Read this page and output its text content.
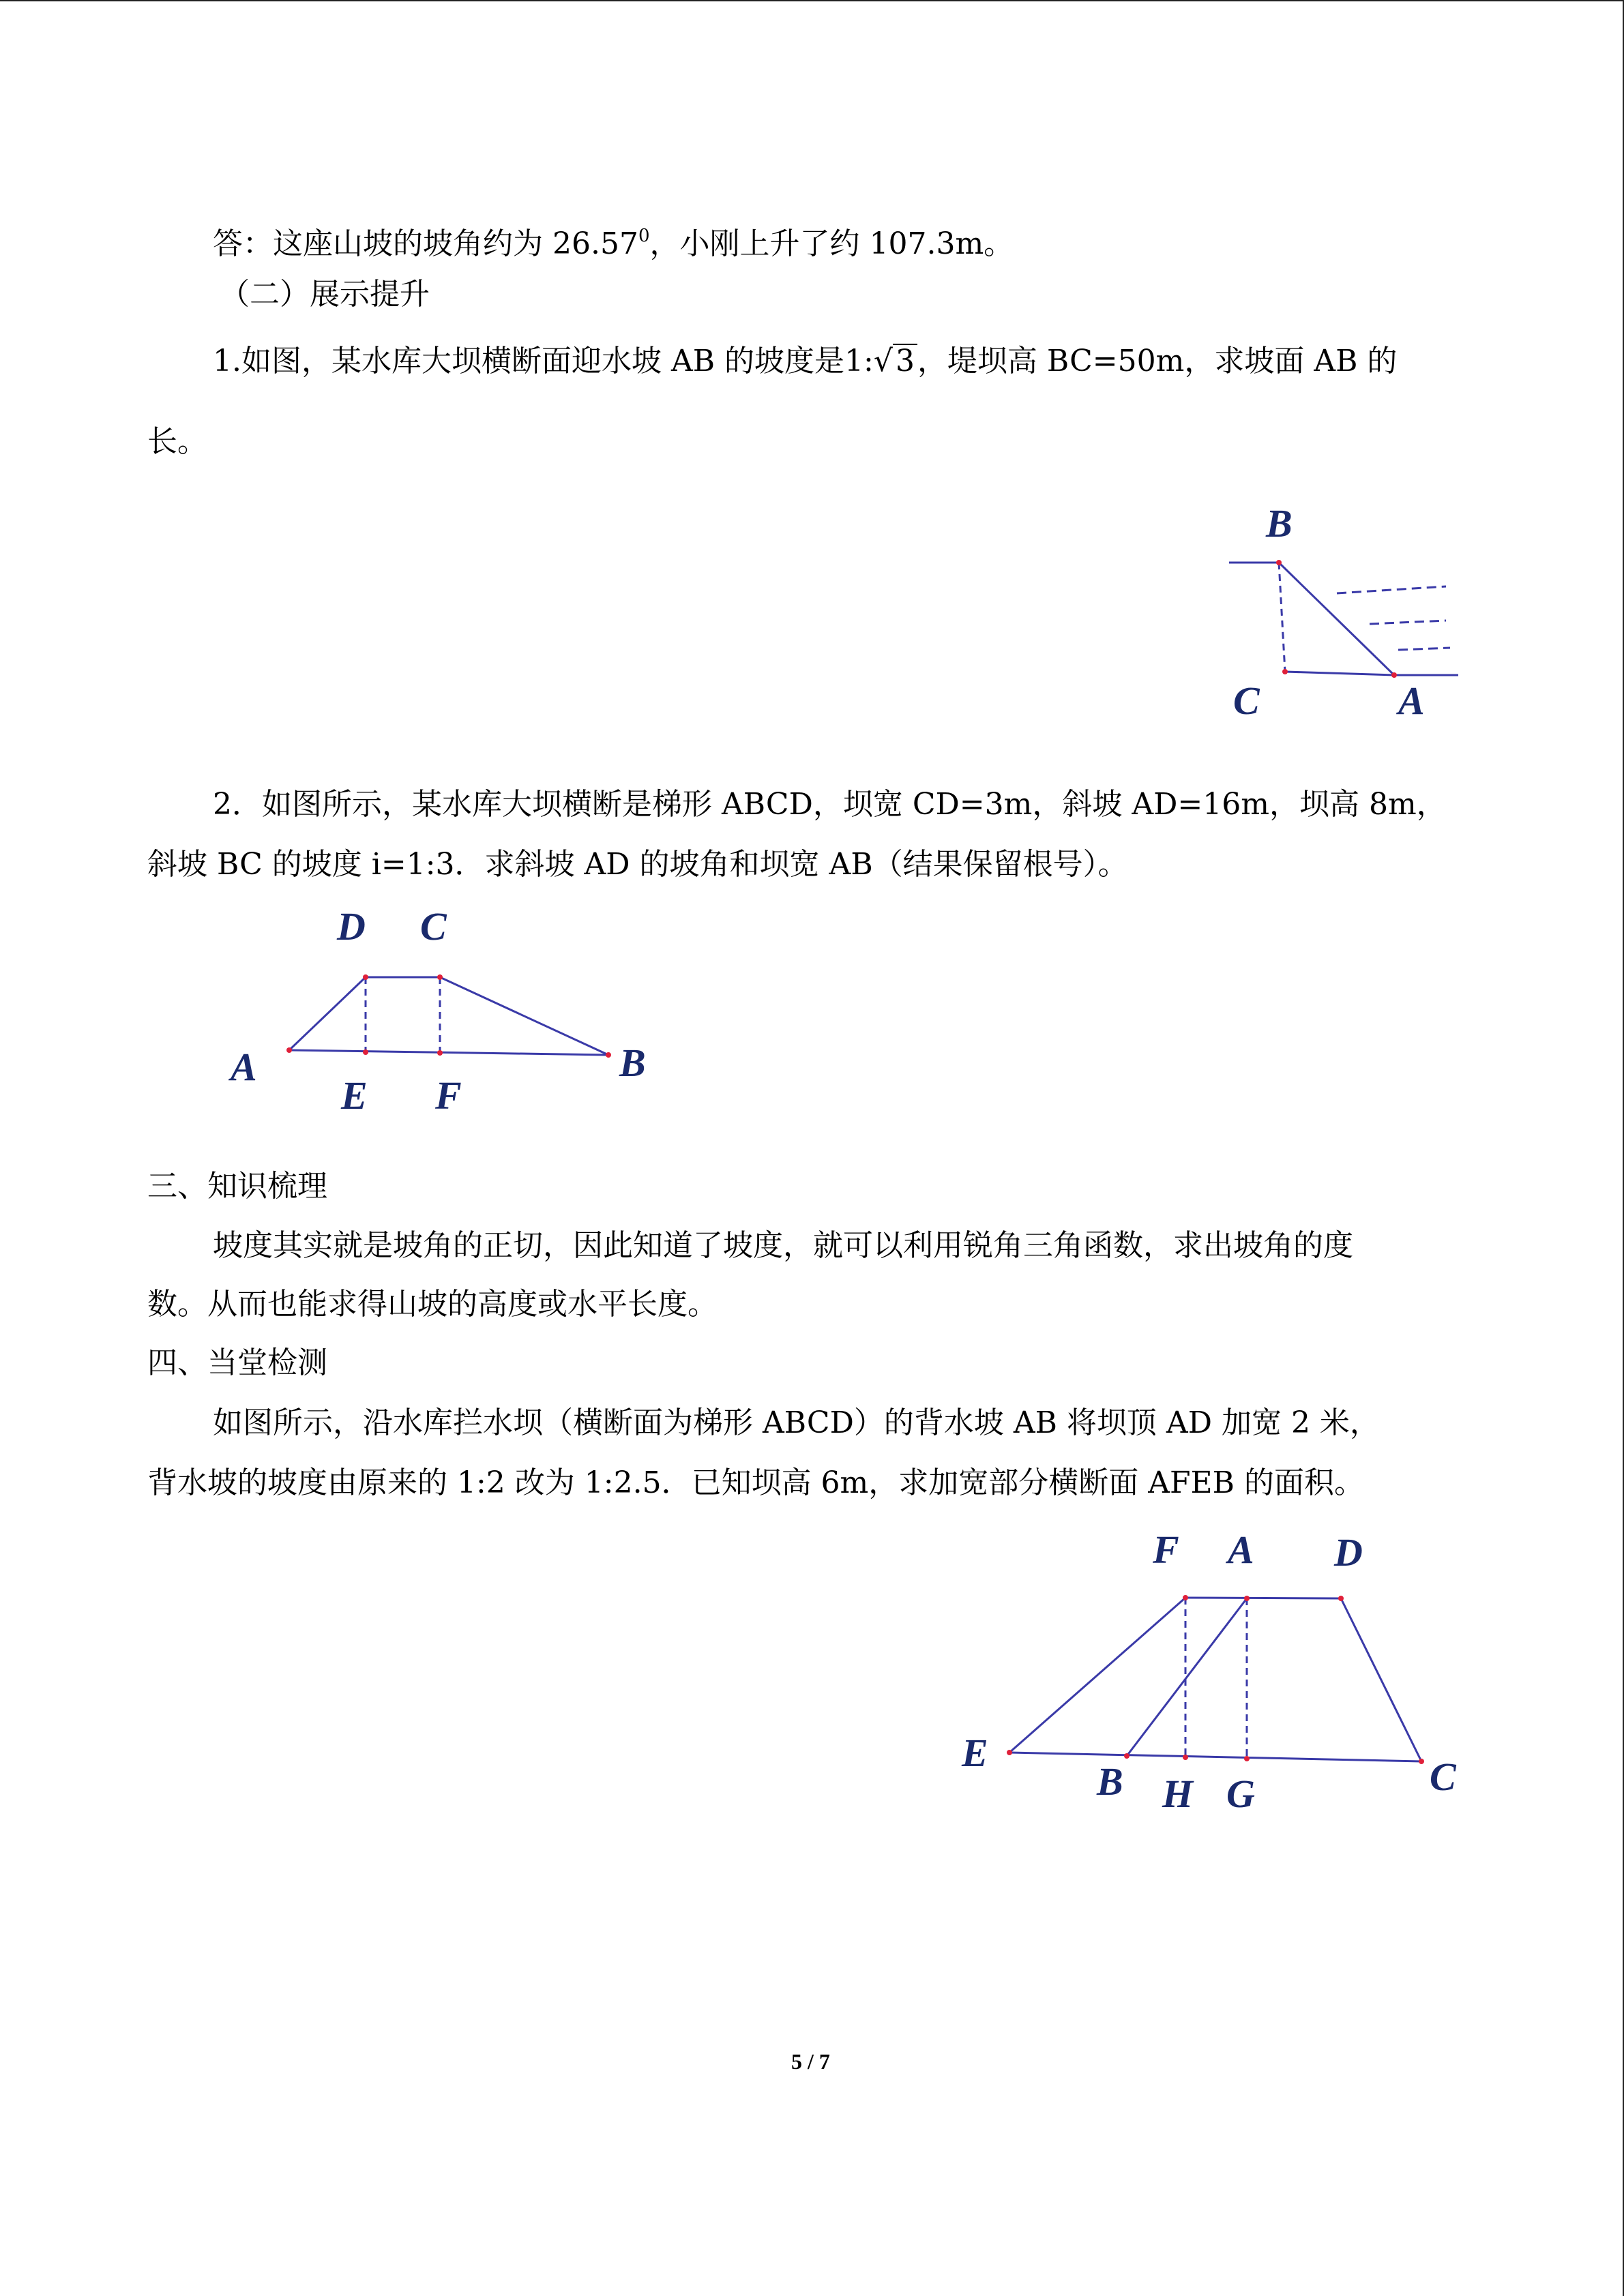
答：这座山坡的坡角约为 26.57$^0$，小刚上升了约 107.3m。
（二）展示提升
1.如图，某水库大坝横断面迎水坡 AB 的坡度是1:√3，堤坝高 BC=50m，求坡面 AB 的
长。
B
C	A
2．如图所示，某水库大坝横断是梯形 ABCD，坝宽 CD=3m，斜坡 AD=16m，坝高 8m，
斜坡 BC 的坡度 i=1:3．求斜坡 AD 的坡角和坝宽 AB（结果保留根号）。
D C
A	B
E F
三、知识梳理
坡度其实就是坡角的正切，因此知道了坡度，就可以利用锐角三角函数，求出坡角的度
数。从而也能求得山坡的高度或水平长度。
四、当堂检测
如图所示，沿水库拦水坝（横断面为梯形 ABCD）的背水坡 AB 将坝顶 AD 加宽 2 米，
背水坡的坡度由原来的 1:2 改为 1:2.5．已知坝高 6m，求加宽部分横断面 AFEB 的面积。
F A D
E
B H G	C
5 / 7
